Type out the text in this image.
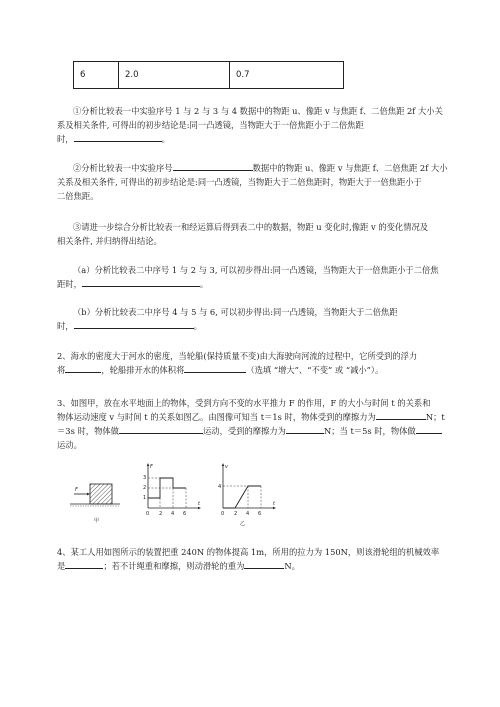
6	2.0	0.7
①分析比较表一中实验序号 1 与 2 与 3 与 4 数据中的物距 u、像距 v 与焦距 f、二倍焦距 2f 大小关
系及相关条件, 可得出的初步结论是:同一凸透镜，当物距大于一倍焦距小于二倍焦距
时，	。
②分析比较表一中实验序号	数据中的物距 u、像距 v 与焦距 f、二倍焦距 2f 大小
关系及相关条件, 可得出的初步结论是:同一凸透镜，当物距大于二倍焦距时，物距大于一倍焦距小于
二倍焦距。
③请进一步综合分析比较表一和经运算后得到表二中的数据，物距 u 变化时,像距 v 的变化情况及
相关条件, 并归纳得出结论。
（a）分析比较表二中序号 1 与 2 与 3, 可以初步得出:同一凸透镜，当物距大于一倍焦距小于二倍焦
距时，	。
（b）分析比较表二中序号 4 与 5 与 6, 可以初步得出:同一凸透镜，当物距大于二倍焦距
时，	。
2、海水的密度大于河水的密度，当轮船(保持质量不变)由大海驶向河流的过程中，它所受到的浮力
将	，轮船排开水的体积将	（选填 “增大”、“不变” 或 “减小”）。
3、如图甲，放在水平地面上的物体，受到方向不变的水平推力 F 的作用，F 的大小与时间 t 的关系和
物体运动速度 v 与时间 t 的关系如图乙。由图像可知当 t＝1s 时，物体受到的摩擦力为	N；t
＝3s 时，物体做	运动，受到的摩擦力为	N；当 t＝5s 时，物体做
运动。
F
甲
F
t
3
2
1
0 2 4 6
v
t
4
0 2 4 6
乙
4、某工人用如图所示的装置把重 240N 的物体提高 1m，所用的拉力为 150N，则该滑轮组的机械效率
是	；若不计绳重和摩擦，则动滑轮的重为	N。
